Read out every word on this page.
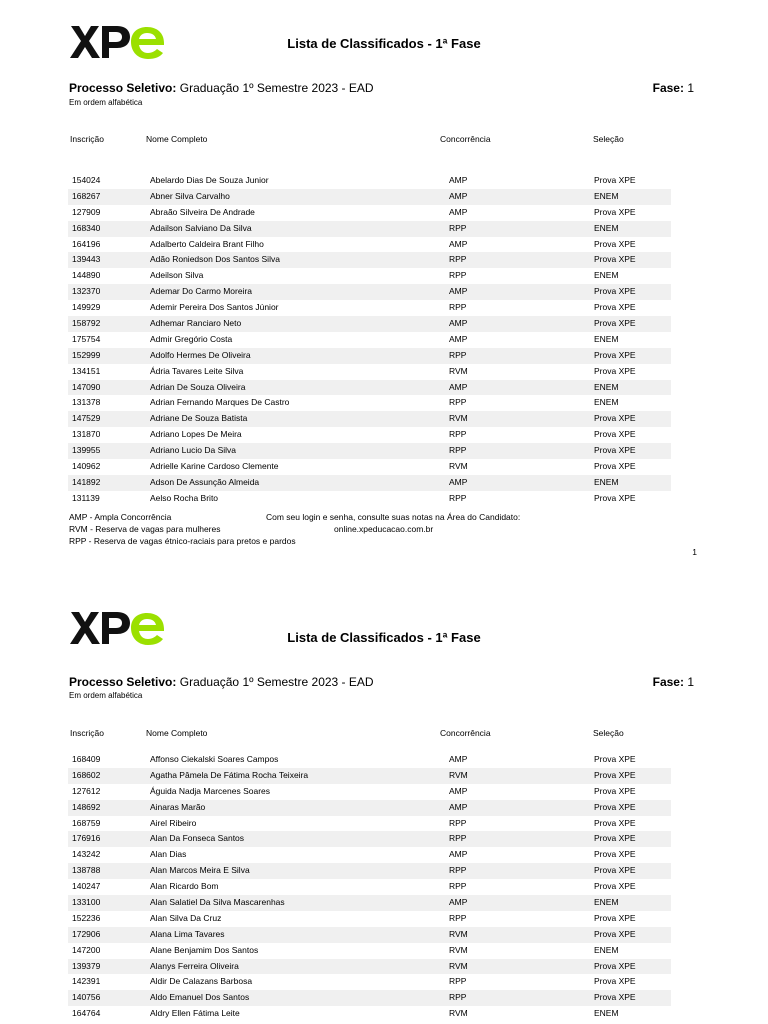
Lista de Classificados - 1ª Fase
Processo Seletivo: Graduação 1º Semestre 2023 - EAD	Fase: 1
Em ordem alfabética
Inscrição	Nome Completo	Concorrência	Seleção
154024	Abelardo Dias De Souza Junior	AMP	Prova XPE
168267	Abner Silva Carvalho	AMP	ENEM
127909	Abraão Silveira De Andrade	AMP	Prova XPE
168340	Adailson Salviano Da Silva	RPP	ENEM
164196	Adalberto Caldeira Brant Filho	AMP	Prova XPE
139443	Adão Roniedson Dos Santos Silva	RPP	Prova XPE
144890	Adeilson Silva	RPP	ENEM
132370	Ademar Do Carmo Moreira	AMP	Prova XPE
149929	Ademir Pereira Dos Santos Júnior	RPP	Prova XPE
158792	Adhemar Ranciaro Neto	AMP	Prova XPE
175754	Admir Gregório Costa	AMP	ENEM
152999	Adolfo Hermes De Oliveira	RPP	Prova XPE
134151	Ádria Tavares Leite Silva	RVM	Prova XPE
147090	Adrian De Souza Oliveira	AMP	ENEM
131378	Adrian Fernando Marques De Castro	RPP	ENEM
147529	Adriane De Souza Batista	RVM	Prova XPE
131870	Adriano Lopes De Meira	RPP	Prova XPE
139955	Adriano Lucio Da Silva	RPP	Prova XPE
140962	Adrielle Karine Cardoso Clemente	RVM	Prova XPE
141892	Adson De Assunção Almeida	AMP	ENEM
131139	Aelso Rocha Brito	RPP	Prova XPE
AMP - Ampla Concorrência
RVM - Reserva de vagas para mulheres
RPP - Reserva de vagas étnico-raciais para pretos e pardos
Com seu login e senha, consulte suas notas na Área do Candidato:
online.xpeducacao.com.br
1
Lista de Classificados - 1ª Fase
Processo Seletivo: Graduação 1º Semestre 2023 - EAD	Fase: 1
Em ordem alfabética
Inscrição	Nome Completo	Concorrência	Seleção
168409	Affonso Ciekalski Soares Campos	AMP	Prova XPE
168602	Agatha Pâmela De Fátima Rocha Teixeira	RVM	Prova XPE
127612	Águida Nadja Marcenes Soares	AMP	Prova XPE
148692	Ainaras Marão	AMP	Prova XPE
168759	Airel Ribeiro	RPP	Prova XPE
176916	Alan Da Fonseca Santos	RPP	Prova XPE
143242	Alan Dias	AMP	Prova XPE
138788	Alan Marcos Meira E Silva	RPP	Prova XPE
140247	Alan Ricardo Bom	RPP	Prova XPE
133100	Alan Salatiel Da Silva Mascarenhas	AMP	ENEM
152236	Alan Silva Da Cruz	RPP	Prova XPE
172906	Alana Lima Tavares	RVM	Prova XPE
147200	Alane Benjamim Dos Santos	RVM	ENEM
139379	Alanys Ferreira Oliveira	RVM	Prova XPE
142391	Aldir De Calazans Barbosa	RPP	Prova XPE
140756	Aldo Emanuel Dos Santos	RPP	Prova XPE
164764	Aldry Ellen Fátima Leite	RVM	ENEM
